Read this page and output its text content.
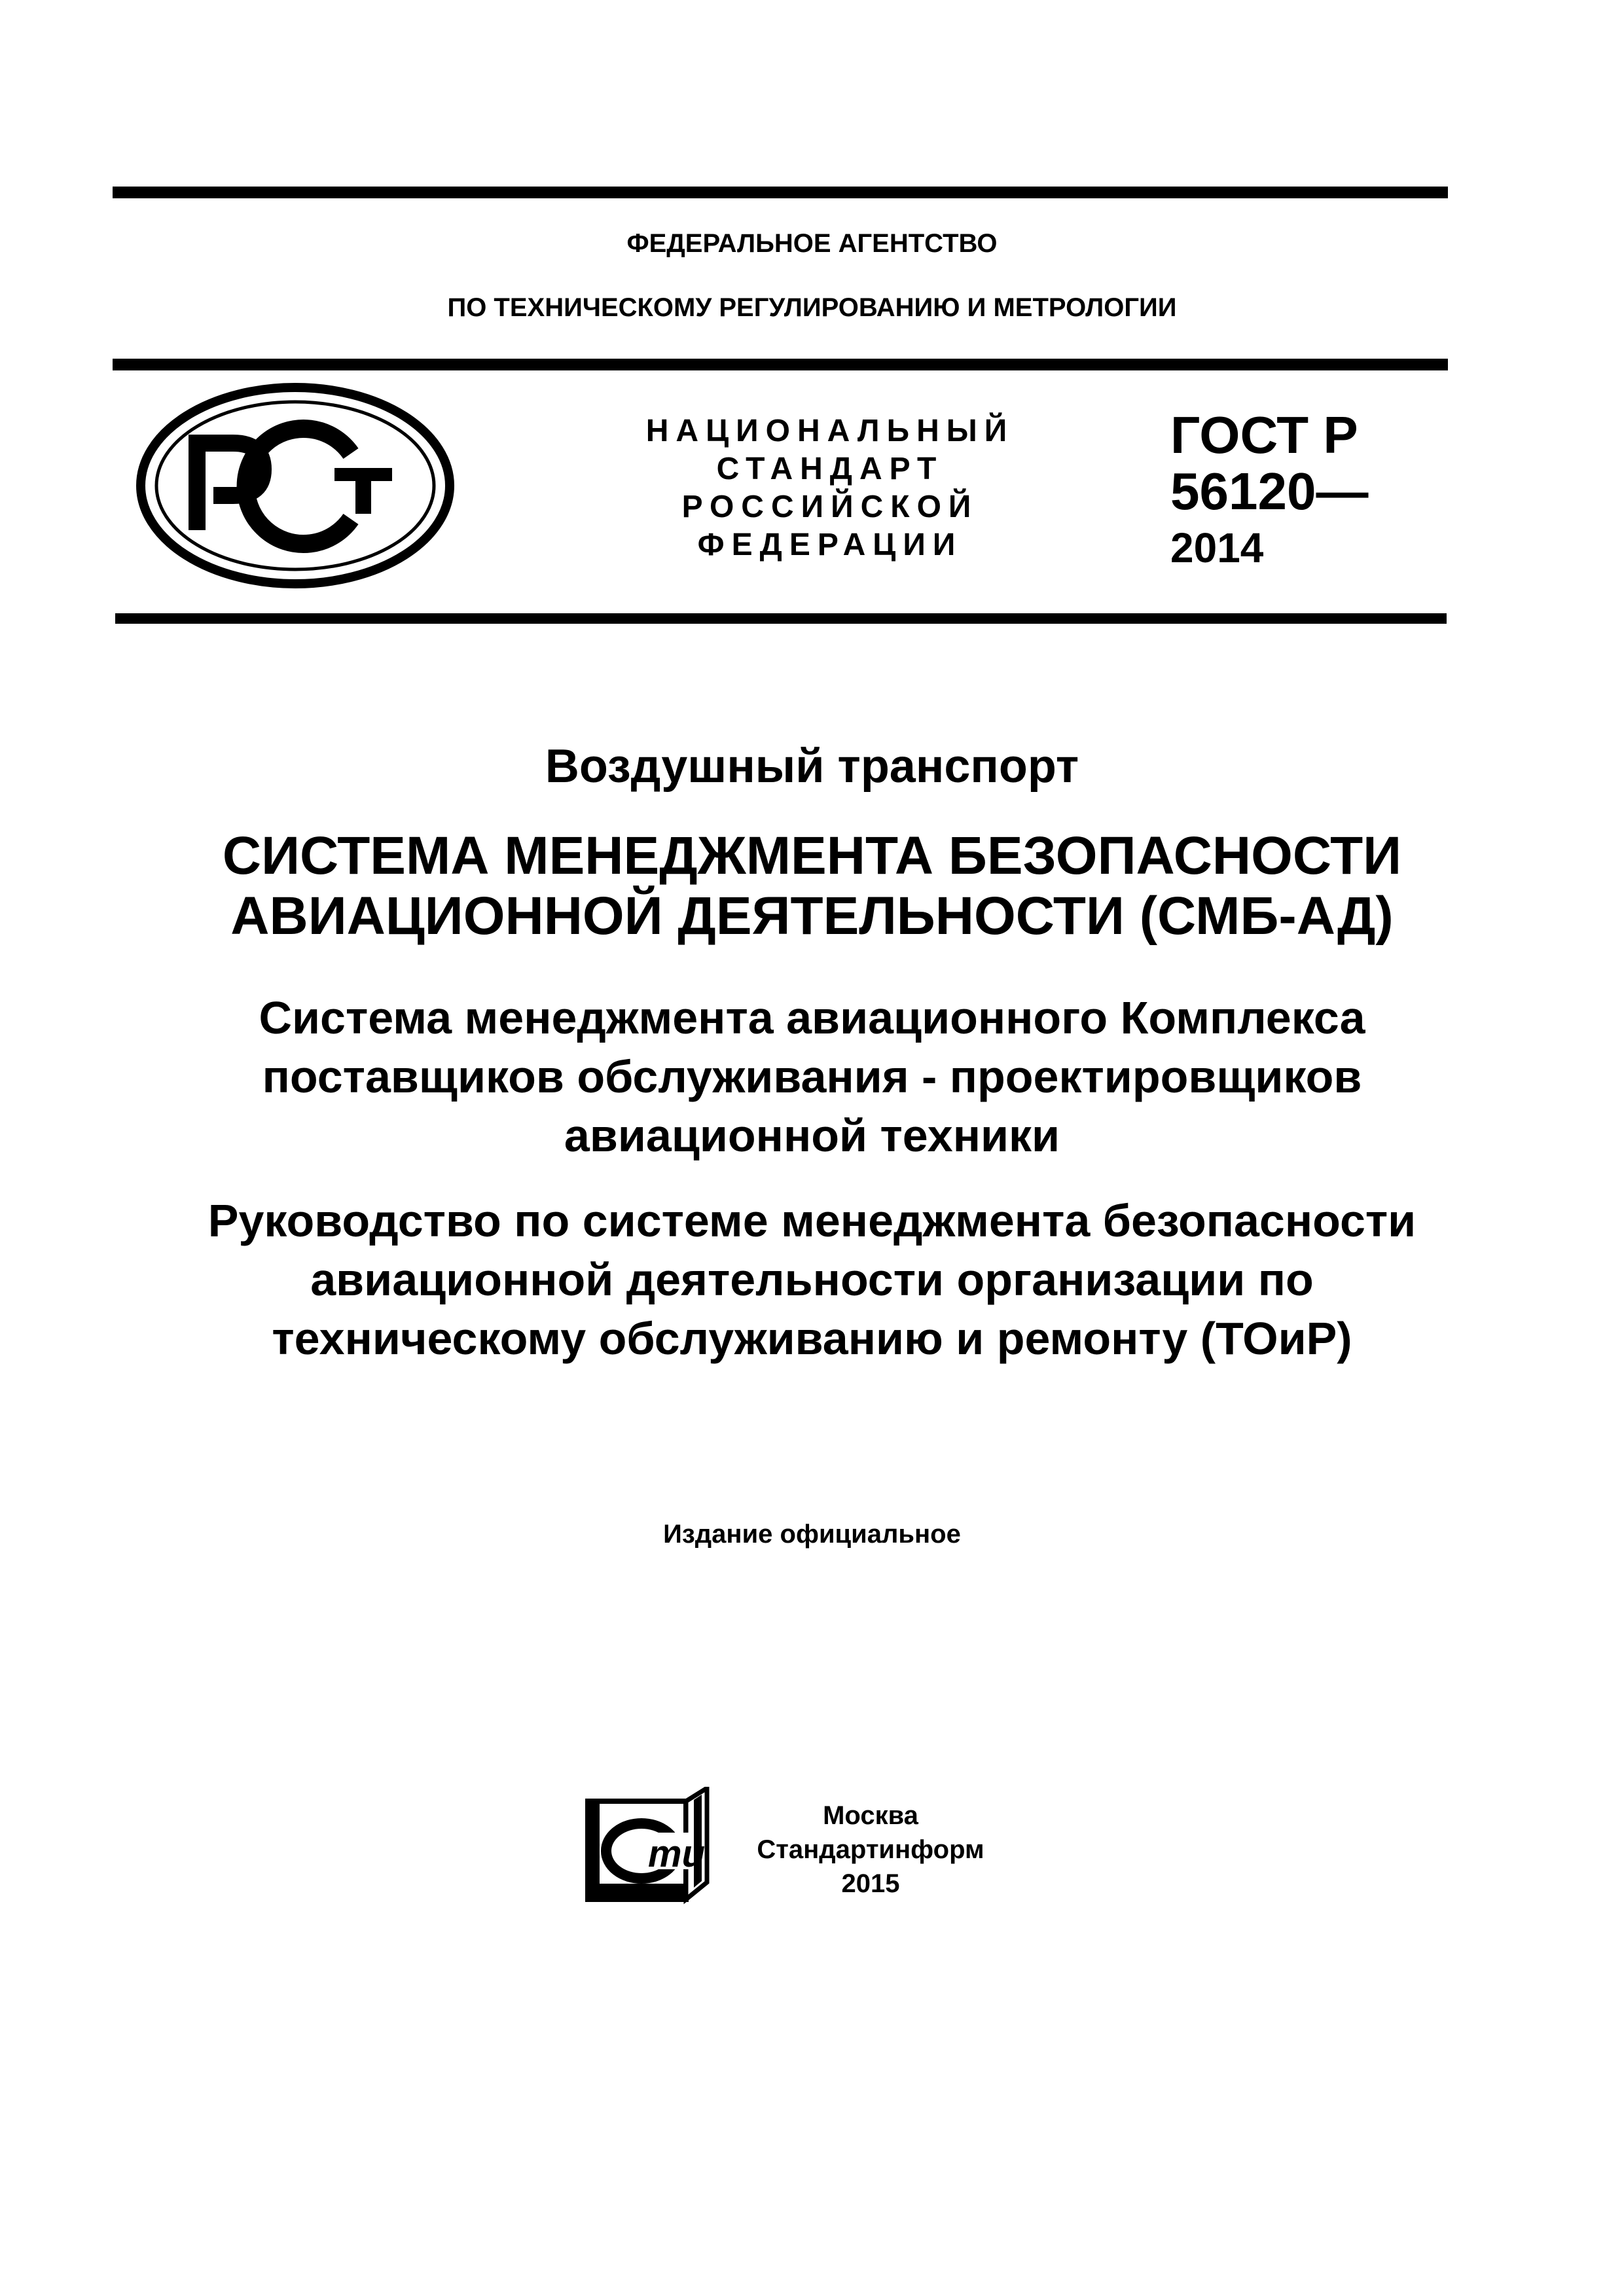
ФЕДЕРАЛЬНОЕ АГЕНТСТВО
ПО ТЕХНИЧЕСКОМУ РЕГУЛИРОВАНИЮ И МЕТРОЛОГИИ
НАЦИОНАЛЬНЫЙ
СТАНДАРТ
РОССИЙСКОЙ
ФЕДЕРАЦИИ
ГОСТ Р
56120—
2014
Воздушный транспорт
СИСТЕМА МЕНЕДЖМЕНТА БЕЗОПАСНОСТИ
АВИАЦИОННОЙ ДЕЯТЕЛЬНОСТИ (СМБ-АД)
Система менеджмента авиационного Комплекса
поставщиков обслуживания - проектировщиков
авиационной техники
Руководство по системе менеджмента безопасности
авиационной деятельности организации по
техническому обслуживанию и ремонту (ТОиР)
Издание официальное
ти
Москва
Стандартинформ
2015
